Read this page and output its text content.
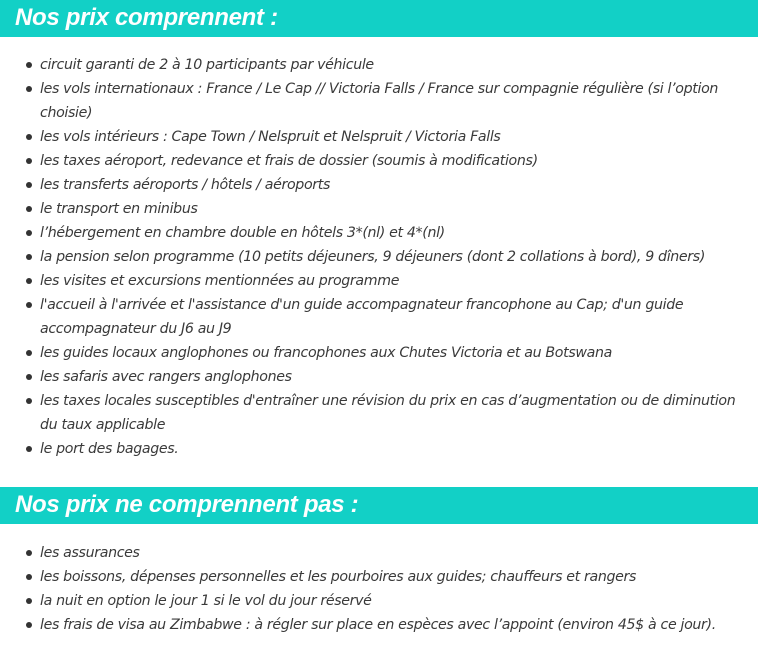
Nos prix comprennent :
circuit garanti de 2 à 10 participants par véhicule
les vols internationaux : France / Le Cap // Victoria Falls / France sur compagnie régulière (si l’option choisie)
les vols intérieurs : Cape Town / Nelspruit et Nelspruit / Victoria Falls
les taxes aéroport, redevance et frais de dossier (soumis à modifications)
les transferts aéroports / hôtels / aéroports
le transport en minibus
l’hébergement en chambre double en hôtels 3*(nl) et 4*(nl)
la pension selon programme (10 petits déjeuners, 9 déjeuners (dont 2 collations à bord), 9 dîners)
les visites et excursions mentionnées au programme
l'accueil à l'arrivée et l'assistance d'un guide accompagnateur francophone au Cap; d'un guide accompagnateur du J6 au J9
les guides locaux anglophones ou francophones aux Chutes Victoria et au Botswana
les safaris avec rangers anglophones
les taxes locales susceptibles d'entraîner une révision du prix en cas d’augmentation ou de diminution du taux applicable
le port des bagages.
Nos prix ne comprennent pas :
les assurances
les boissons, dépenses personnelles et les pourboires aux guides; chauffeurs et rangers
la nuit en option le jour 1 si le vol du jour réservé
les frais de visa au Zimbabwe : à régler sur place en espèces avec l’appoint (environ 45$ à ce jour).
